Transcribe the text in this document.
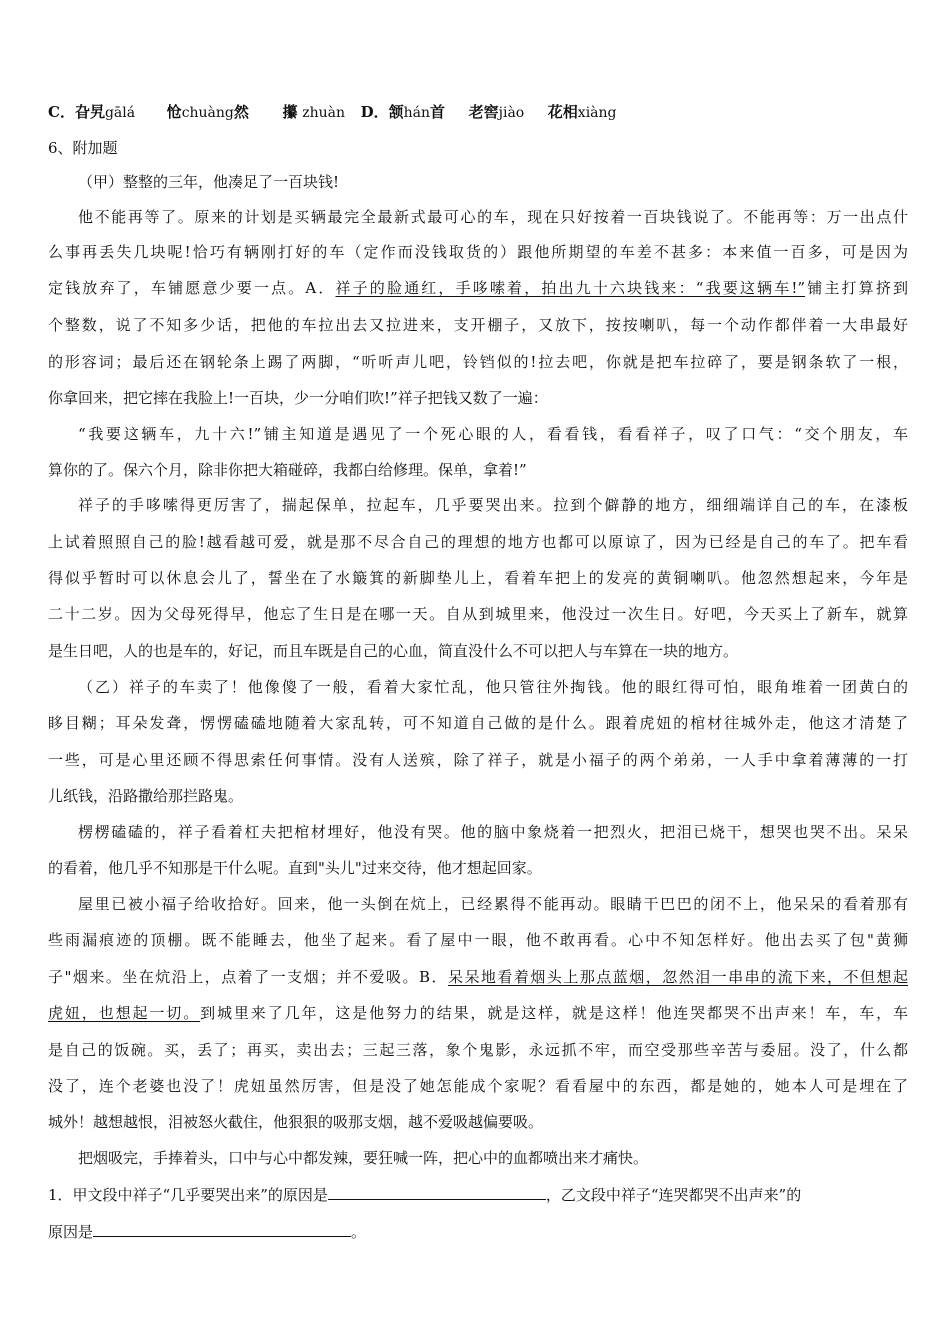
C．旮旯gālá 怆chuàng然 攥 zhuàn D．颔hán首 老窖jiào 花相xiàng
6、附加题
（甲）整整的三年，他凑足了一百块钱!
他不能再等了。原来的计划是买辆最完全最新式最可心的车，现在只好按着一百块钱说了。不能再等：万一出点什
么事再丢失几块呢!恰巧有辆刚打好的车（定作而没钱取货的）跟他所期望的车差不甚多：本来值一百多，可是因为
定钱放弃了，车铺愿意少要一点。A．祥子的脸通红，手哆嗦着，拍出九十六块钱来：“我要这辆车!”铺主打算挤到
个整数，说了不知多少话，把他的车拉出去又拉进来，支开棚子，又放下，按按喇叭，每一个动作都伴着一大串最好
的形容词；最后还在钢轮条上踢了两脚，“听听声儿吧，铃铛似的!拉去吧，你就是把车拉碎了，要是钢条软了一根，
你拿回来，把它摔在我脸上!一百块，少一分咱们吹!”祥子把钱又数了一遍：
“我要这辆车，九十六!”铺主知道是遇见了一个死心眼的人，看看钱，看看祥子，叹了口气：“交个朋友，车
算你的了。保六个月，除非你把大箱碰碎，我都白给修理。保单，拿着!”
祥子的手哆嗦得更厉害了，揣起保单，拉起车，几乎要哭出来。拉到个僻静的地方，细细端详自己的车，在漆板
上试着照照自己的脸!越看越可爱，就是那不尽合自己的理想的地方也都可以原谅了，因为已经是自己的车了。把车看
得似乎暂时可以休息会儿了，誓坐在了水簸箕的新脚垫儿上，看着车把上的发亮的黄铜喇叭。他忽然想起来，今年是
二十二岁。因为父母死得早，他忘了生日是在哪一天。自从到城里来，他没过一次生日。好吧，今天买上了新车，就算
是生日吧，人的也是车的，好记，而且车既是自己的心血，简直没什么不可以把人与车算在一块的地方。
（乙）祥子的车卖了！他像傻了一般，看着大家忙乱，他只管往外掏钱。他的眼红得可怕，眼角堆着一团黄白的
眵目糊；耳朵发聋，愣愣磕磕地随着大家乱转，可不知道自己做的是什么。跟着虎妞的棺材往城外走，他这才清楚了
一些，可是心里还顾不得思索任何事情。没有人送殡，除了祥子，就是小福子的两个弟弟，一人手中拿着薄薄的一打
儿纸钱，沿路撒给那拦路鬼。
楞楞磕磕的，祥子看着杠夫把棺材埋好，他没有哭。他的脑中象烧着一把烈火，把泪已烧干，想哭也哭不出。呆呆
的看着，他几乎不知那是干什么呢。直到"头儿"过来交待，他才想起回家。
屋里已被小福子给收拾好。回来，他一头倒在炕上，已经累得不能再动。眼睛干巴巴的闭不上，他呆呆的看着那有
些雨漏痕迹的顶棚。既不能睡去，他坐了起来。看了屋中一眼，他不敢再看。心中不知怎样好。他出去买了包"黄狮
子"烟来。坐在炕沿上，点着了一支烟；并不爱吸。B．呆呆地看着烟头上那点蓝烟，忽然泪一串串的流下来，不但想起
虎妞，也想起一切。到城里来了几年，这是他努力的结果，就是这样，就是这样！他连哭都哭不出声来！车，车，车
是自己的饭碗。买，丢了；再买，卖出去；三起三落，象个鬼影，永远抓不牢，而空受那些辛苦与委屈。没了，什么都
没了，连个老婆也没了！虎妞虽然厉害，但是没了她怎能成个家呢？看看屋中的东西，都是她的，她本人可是埋在了
城外！越想越恨，泪被怒火截住，他狠狠的吸那支烟，越不爱吸越偏要吸。
把烟吸完，手捧着头，口中与心中都发辣，要狂喊一阵，把心中的血都喷出来才痛快。
1．甲文段中祥子“几乎要哭出来”的原因是	，乙文段中祥子“连哭都哭不出声来”的
原因是	。
